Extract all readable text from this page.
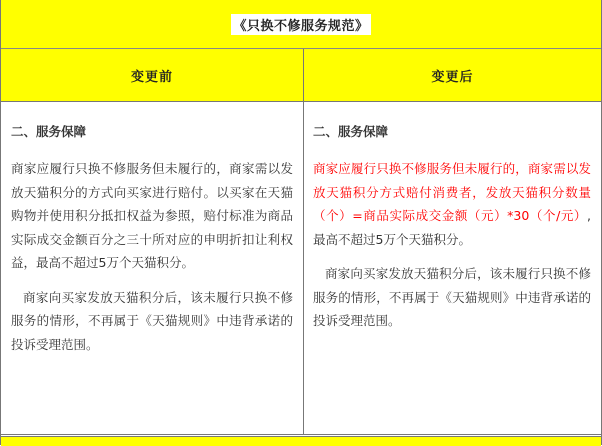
《只换不修服务规范》
变更前	变更后
二、服务保障

商家应履行只换不修服务但未履行的，商家需以发放天猫积分的方式向买家进行赔付。以买家在天猫购物并使用积分抵扣权益为参照，赔付标准为商品实际成交金额百分之三十所对应的申明折扣让利权益，最高不超过5万个天猫积分。

商家向买家发放天猫积分后，该未履行只换不修服务的情形，不再属于《天猫规则》中违背承诺的投诉受理范围。

二、服务保障

商家应履行只换不修服务但未履行的，商家需以发放天猫积分方式赔付消费者，发放天猫积分数量（个）=商品实际成交金额（元）*30（个/元）,最高不超过5万个天猫积分。

商家向买家发放天猫积分后，该未履行只换不修服务的情形，不再属于《天猫规则》中违背承诺的投诉受理范围。
